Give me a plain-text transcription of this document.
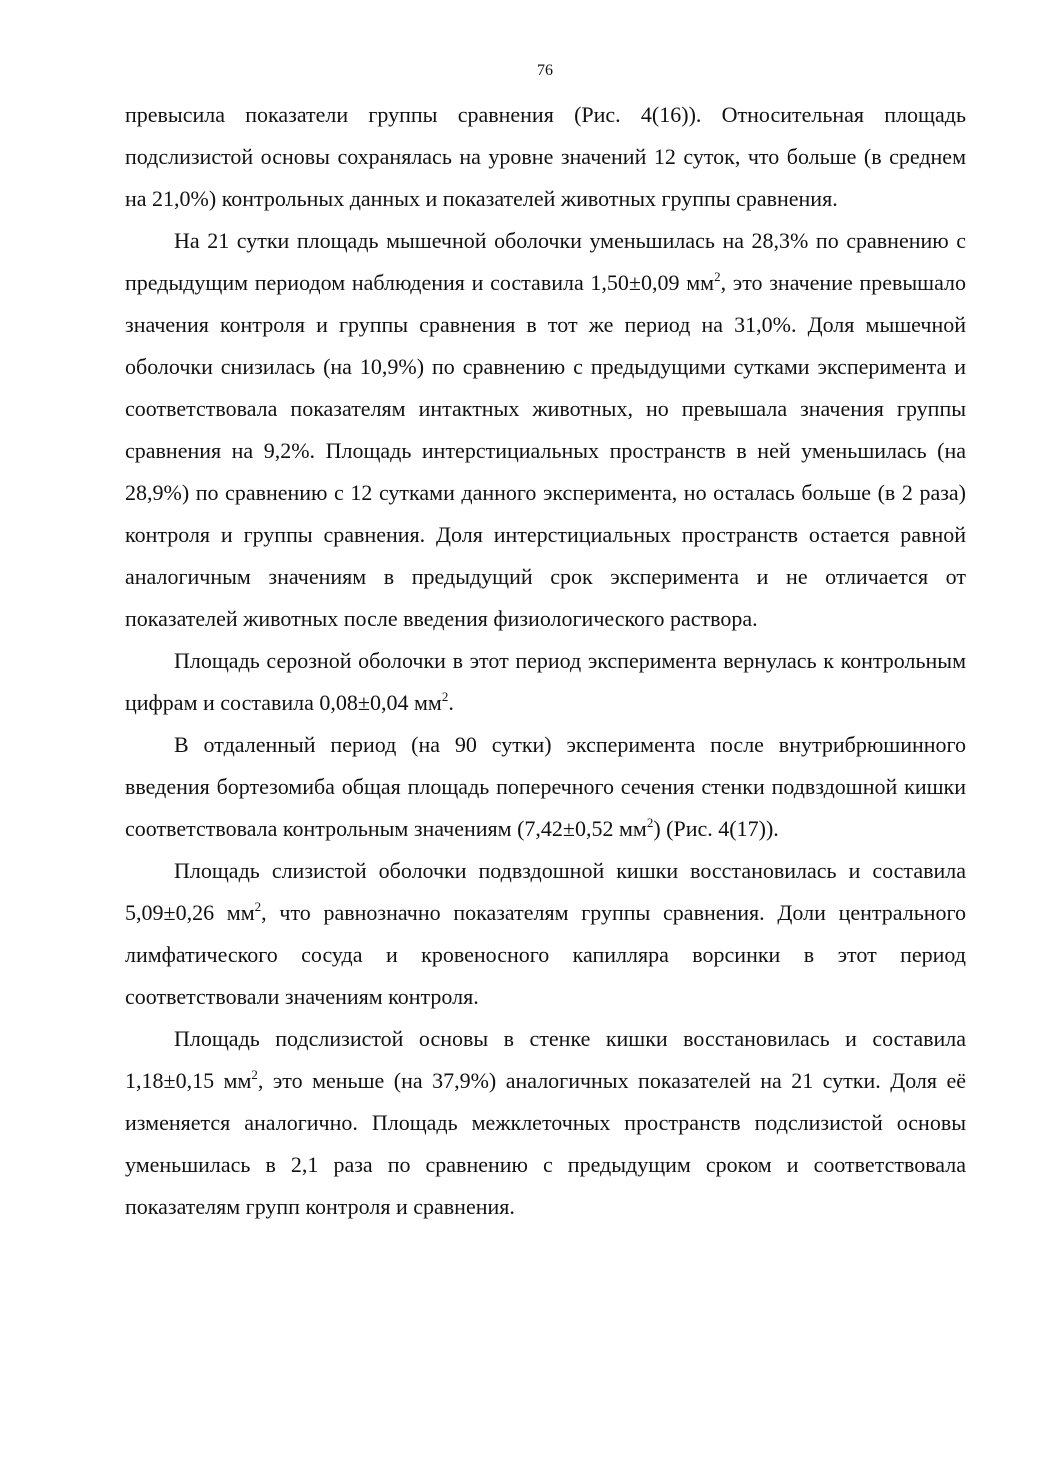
76

превысила показатели группы сравнения (Рис. 4(16)). Относительная площадь подслизистой основы сохранялась на уровне значений 12 суток, что больше (в среднем на 21,0%) контрольных данных и показателей животных группы сравнения.

На 21 сутки площадь мышечной оболочки уменьшилась на 28,3% по сравнению с предыдущим периодом наблюдения и составила 1,50±0,09 $мм^2$, это значение превышало значения контроля и группы сравнения в тот же период на 31,0%. Доля мышечной оболочки снизилась (на 10,9%) по сравнению с предыдущими сутками эксперимента и соответствовала показателям интактных животных, но превышала значения группы сравнения на 9,2%. Площадь интерстициальных пространств в ней уменьшилась (на 28,9%) по сравнению с 12 сутками данного эксперимента, но осталась больше (в 2 раза) контроля и группы сравнения. Доля интерстициальных пространств остается равной аналогичным значениям в предыдущий срок эксперимента и не отличается от показателей животных после введения физиологического раствора.

Площадь серозной оболочки в этот период эксперимента вернулась к контрольным цифрам и составила 0,08±0,04 $мм^2$.

В отдаленный период (на 90 сутки) эксперимента после внутрибрюшинного введения бортезомиба общая площадь поперечного сечения стенки подвздошной кишки соответствовала контрольным значениям (7,42±0,52 $мм^2$) (Рис. 4(17)).

Площадь слизистой оболочки подвздошной кишки восстановилась и составила 5,09±0,26 $мм^2$, что равнозначно показателям группы сравнения. Доли центрального лимфатического сосуда и кровеносного капилляра ворсинки в этот период соответствовали значениям контроля.

Площадь подслизистой основы в стенке кишки восстановилась и составила 1,18±0,15 $мм^2$, это меньше (на 37,9%) аналогичных показателей на 21 сутки. Доля её изменяется аналогично. Площадь межклеточных пространств подслизистой основы уменьшилась в 2,1 раза по сравнению с предыдущим сроком и соответствовала показателям групп контроля и сравнения.
